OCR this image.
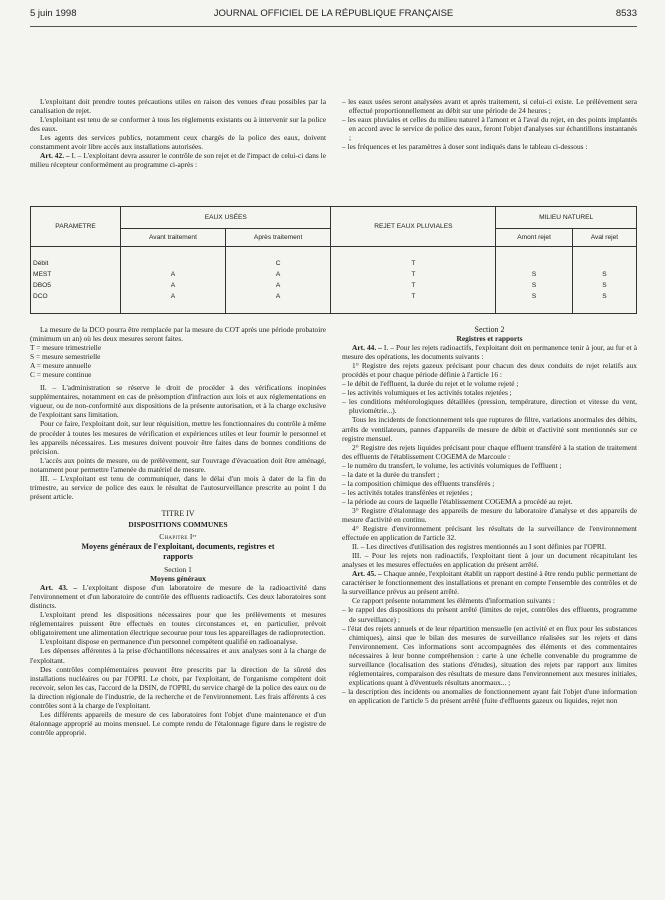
5 juin 1998	JOURNAL OFFICIEL DE LA RÉPUBLIQUE FRANÇAISE	8533

L'exploitant doit prendre toutes précautions utiles en raison des venues d'eau possibles par la canalisation de rejet.

L'exploitant est tenu de se conformer à tous les règlements existants ou à intervenir sur la police des eaux.

Les agents des services publics, notamment ceux chargés de la police des eaux, doivent constamment avoir libre accès aux installations autorisées.

Art. 42. – I. – L'exploitant devra assurer le contrôle de son rejet et de l'impact de celui-ci dans le milieu récepteur conformément au programme ci-après :

– les eaux usées seront analysées avant et après traitement, si celui-ci existe. Le prélèvement sera effectué proportionnellement au débit sur une période de 24 heures ;

– les eaux pluviales et celles du milieu naturel à l'amont et à l'aval du rejet, en des points implantés en accord avec le service de police des eaux, feront l'objet d'analyses sur échantillons instantanés ;

– les fréquences et les paramètres à doser sont indiqués dans le tableau ci-dessous :

PARAMETRE	EAUX USÉES		REJET EAUX PLUVIALES	MILIEU NATUREL	
	Avant traitement	Après traitement		Amont rejet	Aval rejet

Débit		C	T		
MEST	A	A	T	S	S
DBO5	A	A	T	S	S
DCO	A	A	T	S	S

La mesure de la DCO pourra être remplacée par la mesure du COT après une période probatoire (minimum un an) où les deux mesures seront faites.

T = mesure trimestrielle

S = mesure semestrielle

A = mesure annuelle

C = mesure continue

II. – L'administration se réserve le droit de procéder à des vérifications inopinées supplémentaires, notamment en cas de présomption d'infraction aux lois et aux réglementations en vigueur, ou de non-conformité aux dispositions de la présente autorisation, et à la charge exclusive de l'exploitant sans limitation.

Pour ce faire, l'exploitant doit, sur leur réquisition, mettre les fonctionnaires du contrôle à même de procéder à toutes les mesures de vérification et expériences utiles et leur fournir le personnel et les appareils nécessaires. Les mesures doivent pouvoir être faites dans de bonnes conditions de précision.

L'accès aux points de mesure, ou de prélèvement, sur l'ouvrage d'évacuation doit être aménagé, notamment pour permettre l'amenée du matériel de mesure.

III. – L'exploitant est tenu de communiquer, dans le délai d'un mois à dater de la fin du trimestre, au service de police des eaux le résultat de l'autosurveillance prescrite au point I du présent article.

TITRE IV

DISPOSITIONS COMMUNES

Chapitre Iᵉʳ

Moyens généraux de l'exploitant, documents, registres et rapports

Section 1

Moyens généraux

Art. 43. – L'exploitant dispose d'un laboratoire de mesure de la radioactivité dans l'environnement et d'un laboratoire de contrôle des effluents radioactifs. Ces deux laboratoires sont distincts.

L'exploitant prend les dispositions nécessaires pour que les prélèvements et mesures réglementaires puissent être effectués en toutes circonstances et, en particulier, prévoit obligatoirement une alimentation électrique secourue pour tous les appareillages de radioprotection.

L'exploitant dispose en permanence d'un personnel compétent qualifié en radioanalyse.

Les dépenses afférentes à la prise d'échantillons nécessaires et aux analyses sont à la charge de l'exploitant.

Des contrôles complémentaires peuvent être prescrits par la direction de la sûreté des installations nucléaires ou par l'OPRI. Le choix, par l'exploitant, de l'organisme compétent doit recevoir, selon les cas, l'accord de la DSIN, de l'OPRI, du service chargé de la police des eaux ou de la direction régionale de l'industrie, de la recherche et de l'environnement. Les frais afférents à ces contrôles sont à la charge de l'exploitant.

Les différents appareils de mesure de ces laboratoires font l'objet d'une maintenance et d'un étalonnage approprié au moins mensuel. Le compte rendu de l'étalonnage figure dans le registre de contrôle approprié.

Section 2

Registres et rapports

Art. 44. – I. – Pour les rejets radioactifs, l'exploitant doit en permanence tenir à jour, au fur et à mesure des opérations, les documents suivants :

1° Registre des rejets gazeux précisant pour chacun des deux conduits de rejet relatifs aux procédés et pour chaque période définie à l'article 16 :

– le débit de l'effluent, la durée du rejet et le volume rejeté ;

– les activités volumiques et les activités totales rejetées ;

– les conditions météorologiques détaillées (pression, température, direction et vitesse du vent, pluviométrie...).

Tous les incidents de fonctionnement tels que ruptures de filtre, variations anormales des débits, arrêts de ventilateurs, pannes d'appareils de mesure de débit et d'activité sont mentionnés sur ce registre mensuel.

2° Registre des rejets liquides précisant pour chaque effluent transféré à la station de traitement des effluents de l'établissement COGEMA de Marcoule :

– le numéro du transfert, le volume, les activités volumiques de l'effluent ;

– la date et la durée du transfert ;

– la composition chimique des effluents transférés ;

– les activités totales transférées et rejetées ;

– la période au cours de laquelle l'établissement COGEMA a procédé au rejet.

3° Registre d'étalonnage des appareils de mesure du laboratoire d'analyse et des appareils de mesure d'activité en continu.

4° Registre d'environnement précisant les résultats de la surveillance de l'environnement effectuée en application de l'article 32.

II. – Les directives d'utilisation des registres mentionnés au I sont définies par l'OPRI.

III. – Pour les rejets non radioactifs, l'exploitant tient à jour un document récapitulant les analyses et les mesures effectuées en application du présent arrêté.

Art. 45. – Chaque année, l'exploitant établit un rapport destiné à être rendu public permettant de caractériser le fonctionnement des installations et prenant en compte l'ensemble des contrôles et de la surveillance prévus au présent arrêté.

Ce rapport présente notamment les éléments d'information suivants :

– le rappel des dispositions du présent arrêté (limites de rejet, contrôles des effluents, programme de surveillance) ;

– l'état des rejets annuels et de leur répartition mensuelle (en activité et en flux pour les substances chimiques), ainsi que le bilan des mesures de surveillance réalisées sur les rejets et dans l'environnement. Ces informations sont accompagnées des éléments et des commentaires nécessaires à leur bonne compréhension : carte à une échelle convenable du programme de surveillance (localisation des stations d'études), situation des rejets par rapport aux limites réglementaires, comparaison des résultats de mesure dans l'environnement aux mesures initiales, explications quant à d'éventuels résultats anormaux... ;

– la description des incidents ou anomalies de fonctionnement ayant fait l'objet d'une information en application de l'article 5 du présent arrêté (fuite d'effluents gazeux ou liquides, rejet non
